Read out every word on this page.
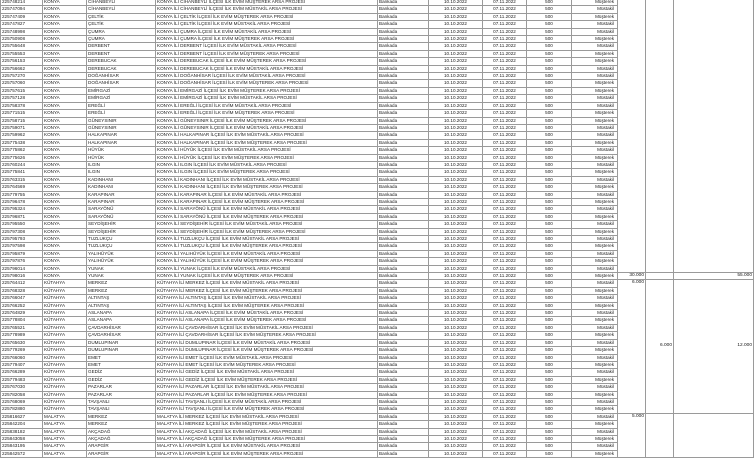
225748214	KONYA	CİHANBEYLİ	KONYA İLİ CİHANBEYLİ İLÇESİ İLK EVİM MÜŞTEREK ARSA PROJESİ	Bankada	10.10.2022	07.11.2022	500	Müşterek			
225747094	KONYA	CİHANBEYLİ	KONYA İLİ CİHANBEYLİ İLÇESİ İLK EVİM MÜSTAKİL ARSA PROJESİ	Bankada	10.10.2022	07.11.2022	500	Müstakil			
225747409	KONYA	ÇELTİK	KONYA İLİ ÇELTİK İLÇESİ İLK EVİM MÜŞTEREK ARSA PROJESİ	Bankada	10.10.2022	07.11.2022	500	Müşterek			
225747827	KONYA	ÇELTİK	KONYA İLİ ÇELTİK İLÇESİ İLK EVİM MÜSTAKİL ARSA PROJESİ	Bankada	10.10.2022	07.11.2022	500	Müstakil			
225748998	KONYA	ÇUMRA	KONYA İLİ ÇUMRA İLÇESİ İLK EVİM MÜSTAKİL ARSA PROJESİ	Bankada	10.10.2022	07.11.2022	500	Müstakil			
225750908	KONYA	ÇUMRA	KONYA İLİ ÇUMRA İLÇESİ İLK EVİM MÜŞTEREK ARSA PROJESİ	Bankada	10.10.2022	07.11.2022	500	Müşterek			
225755648	KONYA	DERBENT	KONYA İLİ DERBENT İLÇESİ İLK EVİM MÜSTAKİL ARSA PROJESİ	Bankada	10.10.2022	07.11.2022	500	Müstakil			
225755553	KONYA	DERBENT	KONYA İLİ DERBENT İLÇESİ İLK EVİM MÜŞTEREK ARSA PROJESİ	Bankada	10.10.2022	07.11.2022	500	Müşterek			
225756153	KONYA	DEREBUCAK	KONYA İLİ DEREBUCAK İLÇESİ İLK EVİM MÜŞTEREK ARSA PROJESİ	Bankada	10.10.2022	07.11.2022	500	Müşterek			
225756662	KONYA	DEREBUCAK	KONYA İLİ DEREBUCAK İLÇESİ İLK EVİM MÜSTAKİL ARSA PROJESİ	Bankada	10.10.2022	07.11.2022	500	Müstakil			
225757270	KONYA	DOĞANHİSAR	KONYA İLİ DOĞANHİSAR İLÇESİ İLK EVİM MÜSTAKİL ARSA PROJESİ	Bankada	10.10.2022	07.11.2022	500	Müstakil			
225757060	KONYA	DOĞANHİSAR	KONYA İLİ DOĞANHİSAR İLÇESİ İLK EVİM MÜŞTEREK ARSA PROJESİ	Bankada	10.10.2022	07.11.2022	500	Müşterek			
225757615	KONYA	EMİRGAZİ	KONYA İLİ EMİRGAZİ İLÇESİ İLK EVİM MÜŞTEREK ARSA PROJESİ	Bankada	10.10.2022	07.11.2022	500	Müşterek			
225757128	KONYA	EMİRGAZİ	KONYA İLİ EMİRGAZİ İLÇESİ İLK EVİM MÜSTAKİL ARSA PROJESİ	Bankada	10.10.2022	07.11.2022	500	Müstakil			
225758378	KONYA	EREĞLİ	KONYA İLİ EREĞLİ İLÇESİ İLK EVİM MÜSTAKİL ARSA PROJESİ	Bankada	10.10.2022	07.11.2022	500	Müstakil			
225771515	KONYA	EREĞLİ	KONYA İLİ EREĞLİ İLÇESİ İLK EVİM MÜŞTEREK ARSA PROJESİ	Bankada	10.10.2022	07.11.2022	500	Müşterek			
225758715	KONYA	GÜNEYSINIR	KONYA İLİ GÜNEYSINIR İLÇESİ İLK EVİM MÜŞTEREK ARSA PROJESİ	Bankada	10.10.2022	07.11.2022	500	Müşterek			
225759071	KONYA	GÜNEYSINIR	KONYA İLİ GÜNEYSINIR İLÇESİ İLK EVİM MÜSTAKİL ARSA PROJESİ	Bankada	10.10.2022	07.11.2022	500	Müstakil			
225759962	KONYA	HALKAPINAR	KONYA İLİ HALKAPINAR İLÇESİ İLK EVİM MÜSTAKİL ARSA PROJESİ	Bankada	10.10.2022	07.11.2022	500	Müstakil			
225775438	KONYA	HALKAPINAR	KONYA İLİ HALKAPINAR İLÇESİ İLK EVİM MÜŞTEREK ARSA PROJESİ	Bankada	10.10.2022	07.11.2022	500	Müşterek			
225775862	KONYA	HÜYÜK	KONYA İLİ HÜYÜK İLÇESİ İLK EVİM MÜSTAKİL ARSA PROJESİ	Bankada	10.10.2022	07.11.2022	500	Müstakil			
225775626	KONYA	HÜYÜK	KONYA İLİ HÜYÜK İLÇESİ İLK EVİM MÜŞTEREK ARSA PROJESİ	Bankada	10.10.2022	07.11.2022	500	Müşterek			
225760244	KONYA	ILGIN	KONYA İLİ ILGIN İLÇESİ İLK EVİM MÜSTAKİL ARSA PROJESİ	Bankada	10.10.2022	07.11.2022	500	Müstakil			
225775841	KONYA	ILGIN	KONYA İLİ ILGIN İLÇESİ İLK EVİM MÜŞTEREK ARSA PROJESİ	Bankada	10.10.2022	07.11.2022	500	Müşterek			
225763315	KONYA	KADINHANI	KONYA İLİ KADINHANI İLÇESİ İLK EVİM MÜSTAKİL ARSA PROJESİ	Bankada	10.10.2022	07.11.2022	500	Müstakil			
225764569	KONYA	KADINHANI	KONYA İLİ KADINHANI İLÇESİ İLK EVİM MÜŞTEREK ARSA PROJESİ	Bankada	10.10.2022	07.11.2022	500	Müşterek			
225779755	KONYA	KARAPINAR	KONYA İLİ KARAPINAR İLÇESİ İLK EVİM MÜSTAKİL ARSA PROJESİ	Bankada	10.10.2022	07.11.2022	500	Müstakil			
225796478	KONYA	KARAPINAR	KONYA İLİ KARAPINAR İLÇESİ İLK EVİM MÜŞTEREK ARSA PROJESİ	Bankada	10.10.2022	07.11.2022	500	Müşterek			
225795324	KONYA	SARAYÖNÜ	KONYA İLİ SARAYÖNÜ İLÇESİ İLK EVİM MÜSTAKİL ARSA PROJESİ	Bankada	10.10.2022	07.11.2022	500	Müstakil			
225796871	KONYA	SARAYÖNÜ	KONYA İLİ SARAYÖNÜ İLÇESİ İLK EVİM MÜŞTEREK ARSA PROJESİ	Bankada	10.10.2022	07.11.2022	500	Müşterek			
225795550	KONYA	SEYDİŞEHİR	KONYA İLİ SEYDİŞEHİR İLÇESİ İLK EVİM MÜSTAKİL ARSA PROJESİ	Bankada	10.10.2022	07.11.2022	500	Müstakil			
225797308	KONYA	SEYDİŞEHİR	KONYA İLİ SEYDİŞEHİR İLÇESİ İLK EVİM MÜŞTEREK ARSA PROJESİ	Bankada	10.10.2022	07.11.2022	500	Müşterek			
225795793	KONYA	TUZLUKÇU	KONYA İLİ TUZLUKÇU İLÇESİ İLK EVİM MÜSTAKİL ARSA PROJESİ	Bankada	10.10.2022	07.11.2022	500	Müstakil			
225797598	KONYA	TUZLUKÇU	KONYA İLİ TUZLUKÇU İLÇESİ İLK EVİM MÜŞTEREK ARSA PROJESİ	Bankada	10.10.2022	07.11.2022	500	Müşterek			
225795879	KONYA	YALIHÜYÜK	KONYA İLİ YALIHÜYÜK İLÇESİ İLK EVİM MÜSTAKİL ARSA PROJESİ	Bankada	10.10.2022	07.11.2022	500	Müstakil			
225797876	KONYA	YALIHÜYÜK	KONYA İLİ YALIHÜYÜK İLÇESİ İLK EVİM MÜŞTEREK ARSA PROJESİ	Bankada	10.10.2022	07.11.2022	500	Müşterek			
225796014	KONYA	YUNAK	KONYA İLİ YUNAK İLÇESİ İLK EVİM MÜSTAKİL ARSA PROJESİ	Bankada	10.10.2022	07.11.2022	500	Müstakil			
225798016	KONYA	YUNAK	KONYA İLİ YUNAK İLÇESİ İLK EVİM MÜŞTEREK ARSA PROJESİ	Bankada	10.10.2022	07.11.2022	500	Müşterek	30.000		55.000
225764412	KÜTAHYA	MERKEZ	KÜTAHYA İLİ MERKEZ İLÇESİ İLK EVİM MÜSTAKİL ARSA PROJESİ	Bankada	10.10.2022	07.11.2022	500	Müstakil	6.000	6.000	12.000
225768328	KÜTAHYA	MERKEZ	KÜTAHYA İLİ MERKEZ İLÇESİ İLK EVİM MÜŞTEREK ARSA PROJESİ	Bankada	10.10.2022	07.11.2022	500	Müşterek			
225766047	KÜTAHYA	ALTINTAŞ	KÜTAHYA İLİ ALTINTAŞ İLÇESİ İLK EVİM MÜSTAKİL ARSA PROJESİ	Bankada	10.10.2022	07.11.2022	500	Müstakil			
225766252	KÜTAHYA	ALTINTAŞ	KÜTAHYA İLİ ALTINTAŞ İLÇESİ İLK EVİM MÜŞTEREK ARSA PROJESİ	Bankada	10.10.2022	07.11.2022	500	Müşterek			
225764829	KÜTAHYA	ASLANAPA	KÜTAHYA İLİ ASLANAPA İLÇESİ İLK EVİM MÜSTAKİL ARSA PROJESİ	Bankada	10.10.2022	07.11.2022	500	Müstakil			
225778804	KÜTAHYA	ASLANAPA	KÜTAHYA İLİ ASLANAPA İLÇESİ İLK EVİM MÜŞTEREK ARSA PROJESİ	Bankada	10.10.2022	07.11.2022	500	Müşterek			
225765521	KÜTAHYA	ÇAVDARHİSAR	KÜTAHYA İLİ ÇAVDARHİSAR İLÇESİ İLK EVİM MÜSTAKİL ARSA PROJESİ	Bankada	10.10.2022	07.11.2022	500	Müstakil			
225778989	KÜTAHYA	ÇAVDARHİSAR	KÜTAHYA İLİ ÇAVDARHİSAR İLÇESİ İLK EVİM MÜŞTEREK ARSA PROJESİ	Bankada	10.10.2022	07.11.2022	500	Müşterek			
225765630	KÜTAHYA	DUMLUPINAR	KÜTAHYA İLİ DUMLUPINAR İLÇESİ İLK EVİM MÜSTAKİL ARSA PROJESİ	Bankada	10.10.2022	07.11.2022	500	Müstakil			
225779269	KÜTAHYA	DUMLUPINAR	KÜTAHYA İLİ DUMLUPINAR İLÇESİ İLK EVİM MÜŞTEREK ARSA PROJESİ	Bankada	10.10.2022	07.11.2022	500	Müşterek			
225766060	KÜTAHYA	EMET	KÜTAHYA İLİ EMET İLÇESİ İLK EVİM MÜSTAKİL ARSA PROJESİ	Bankada	10.10.2022	07.11.2022	500	Müstakil			
225779407	KÜTAHYA	EMET	KÜTAHYA İLİ EMET İLÇESİ İLK EVİM MÜŞTEREK ARSA PROJESİ	Bankada	10.10.2022	07.11.2022	500	Müşterek			
225766289	KÜTAHYA	GEDİZ	KÜTAHYA İLİ GEDİZ İLÇESİ İLK EVİM MÜSTAKİL ARSA PROJESİ	Bankada	10.10.2022	07.11.2022	500	Müstakil			
225779483	KÜTAHYA	GEDİZ	KÜTAHYA İLİ GEDİZ İLÇESİ İLK EVİM MÜŞTEREK ARSA PROJESİ	Bankada	10.10.2022	07.11.2022	500	Müşterek			
225767030	KÜTAHYA	PAZARLAR	KÜTAHYA İLİ PAZARLAR İLÇESİ İLK EVİM MÜSTAKİL ARSA PROJESİ	Bankada	10.10.2022	07.11.2022	500	Müstakil			
225782058	KÜTAHYA	PAZARLAR	KÜTAHYA İLİ PAZARLAR İLÇESİ İLK EVİM MÜŞTEREK ARSA PROJESİ	Bankada	10.10.2022	07.11.2022	500	Müşterek			
225768069	KÜTAHYA	TAVŞANLI	KÜTAHYA İLİ TAVŞANLI İLÇESİ İLK EVİM MÜSTAKİL ARSA PROJESİ	Bankada	10.10.2022	07.11.2022	500	Müstakil			
225782880	KÜTAHYA	TAVŞANLI	KÜTAHYA İLİ TAVŞANLI İLÇESİ İLK EVİM MÜŞTEREK ARSA PROJESİ	Bankada	10.10.2022	07.11.2022	500	Müşterek			
225816627	MALATYA	MERKEZ	MALATYA İLİ MERKEZ İLÇESİ İLK EVİM MÜSTAKİL ARSA PROJESİ	Bankada	10.10.2022	07.11.2022	500	Müstakil	5.000		
225842204	MALATYA	MERKEZ	MALATYA İLİ MERKEZ İLÇESİ İLK EVİM MÜŞTEREK ARSA PROJESİ	Bankada	10.10.2022	07.11.2022	500	Müşterek			
225838182	MALATYA	AKÇADAĞ	MALATYA İLİ AKÇADAĞ İLÇESİ İLK EVİM MÜSTAKİL ARSA PROJESİ	Bankada	10.10.2022	07.11.2022	500	Müstakil			
225843058	MALATYA	AKÇADAĞ	MALATYA İLİ AKÇADAĞ İLÇESİ İLK EVİM MÜŞTEREK ARSA PROJESİ	Bankada	10.10.2022	07.11.2022	500	Müşterek			
225843195	MALATYA	ARAPGİR	MALATYA İLİ ARAPGİR İLÇESİ İLK EVİM MÜSTAKİL ARSA PROJESİ	Bankada	10.10.2022	07.11.2022	500	Müstakil			
225842572	MALATYA	ARAPGİR	MALATYA İLİ ARAPGİR İLÇESİ İLK EVİM MÜŞTEREK ARSA PROJESİ	Bankada	10.10.2022	07.11.2022	500	Müşterek			
